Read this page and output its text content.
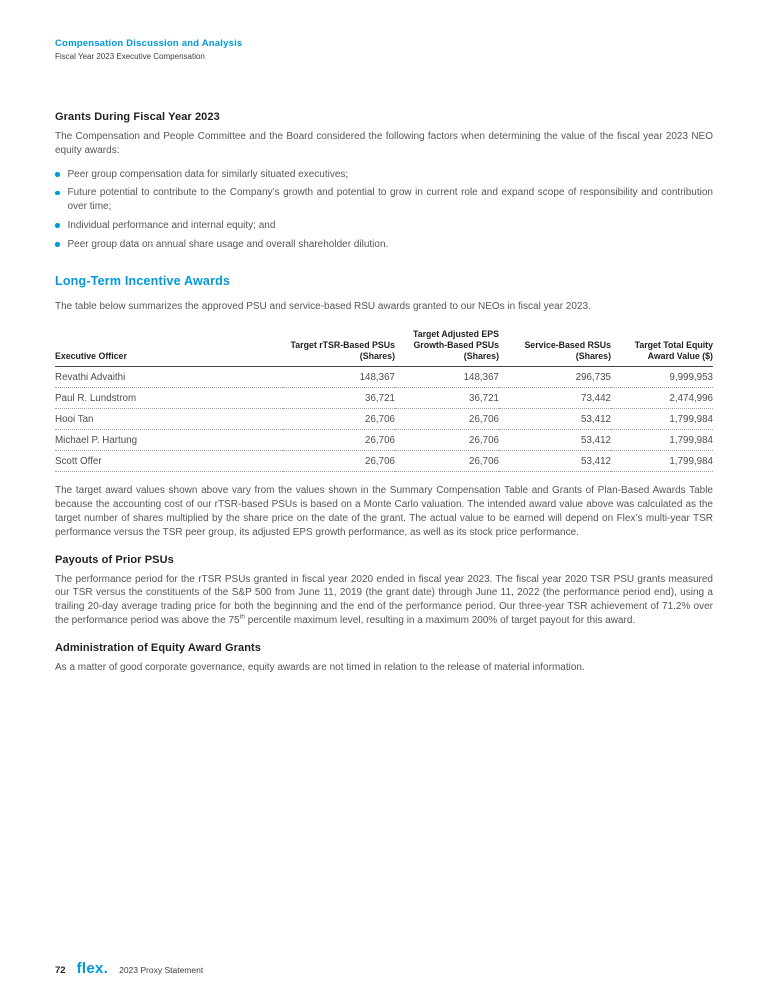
Compensation Discussion and Analysis
Fiscal Year 2023 Executive Compensation
Grants During Fiscal Year 2023

The Compensation and People Committee and the Board considered the following factors when determining the value of the fiscal year 2023 NEO equity awards:

Peer group compensation data for similarly situated executives;
Future potential to contribute to the Company’s growth and potential to grow in current role and expand scope of responsibility and contribution over time;
Individual performance and internal equity; and
Peer group data on annual share usage and overall shareholder dilution.
Long-Term Incentive Awards

The table below summarizes the approved PSU and service-based RSU awards granted to our NEOs in fiscal year 2023.

Executive Officer	Target rTSR-Based PSUs (Shares)	Target Adjusted EPS Growth-Based PSUs (Shares)	Service-Based RSUs (Shares)	Target Total Equity Award Value ($)
Revathi Advaithi	148,367	148,367	296,735	9,999,953
Paul R. Lundstrom	36,721	36,721	73,442	2,474,996
Hooi Tan	26,706	26,706	53,412	1,799,984
Michael P. Hartung	26,706	26,706	53,412	1,799,984
Scott Offer	26,706	26,706	53,412	1,799,984

The target award values shown above vary from the values shown in the Summary Compensation Table and Grants of Plan-Based Awards Table because the accounting cost of our rTSR-based PSUs is based on a Monte Carlo valuation. The intended award value above was calculated as the target number of shares multiplied by the share price on the date of the grant. The actual value to be earned will depend on Flex’s multi-year TSR performance versus the TSR peer group, its adjusted EPS growth performance, as well as its stock price performance.

Payouts of Prior PSUs

The performance period for the rTSR PSUs granted in fiscal year 2020 ended in fiscal year 2023. The fiscal year 2020 TSR PSU grants measured our TSR versus the constituents of the S&P 500 from June 11, 2019 (the grant date) through June 11, 2022 (the performance period end), using a trailing 20-day average trading price for both the beginning and the end of the performance period. Our three-year TSR achievement of 71.2% over the performance period was above the 75th percentile maximum level, resulting in a maximum 200% of target payout for this award.

Administration of Equity Award Grants

As a matter of good corporate governance, equity awards are not timed in relation to the release of material information.

72 flex. 2023 Proxy Statement
